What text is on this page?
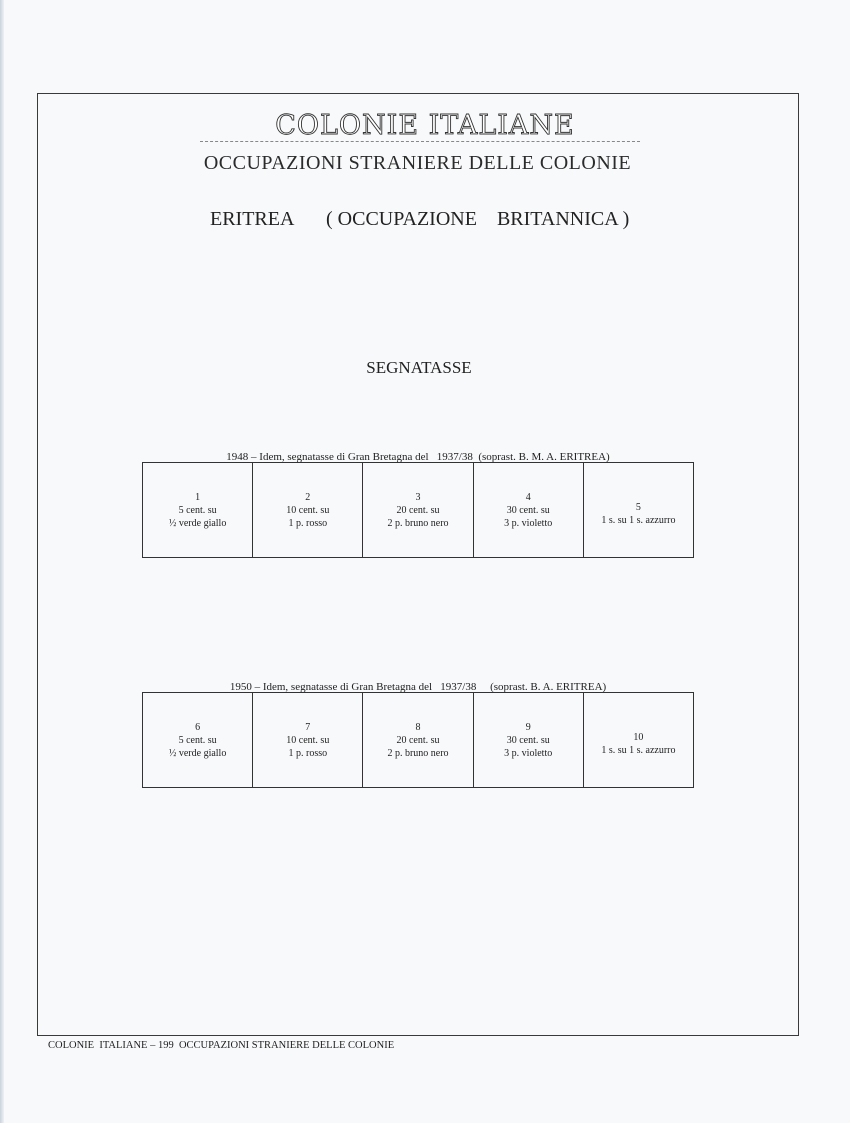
COLONIE ITALIANE
OCCUPAZIONI STRANIERE DELLE COLONIE
ERITREA ( OCCUPAZIONE    BRITANNICA )
SEGNATASSE
1948 – Idem, segnatasse di Gran Bretagna del   1937/38  (soprast. B. M. A. ERITREA)
1
5 cent. su
½ verde giallo
2
10 cent. su
1 p. rosso
3
20 cent. su
2 p. bruno nero
4
30 cent. su
3 p. violetto
5
1 s. su 1 s. azzurro
1950 – Idem, segnatasse di Gran Bretagna del   1937/38     (soprast. B. A. ERITREA)
6
5 cent. su
½ verde giallo
7
10 cent. su
1 p. rosso
8
20 cent. su
2 p. bruno nero
9
30 cent. su
3 p. violetto
10
1 s. su 1 s. azzurro
COLONIE  ITALIANE – 199  OCCUPAZIONI STRANIERE DELLE COLONIE
